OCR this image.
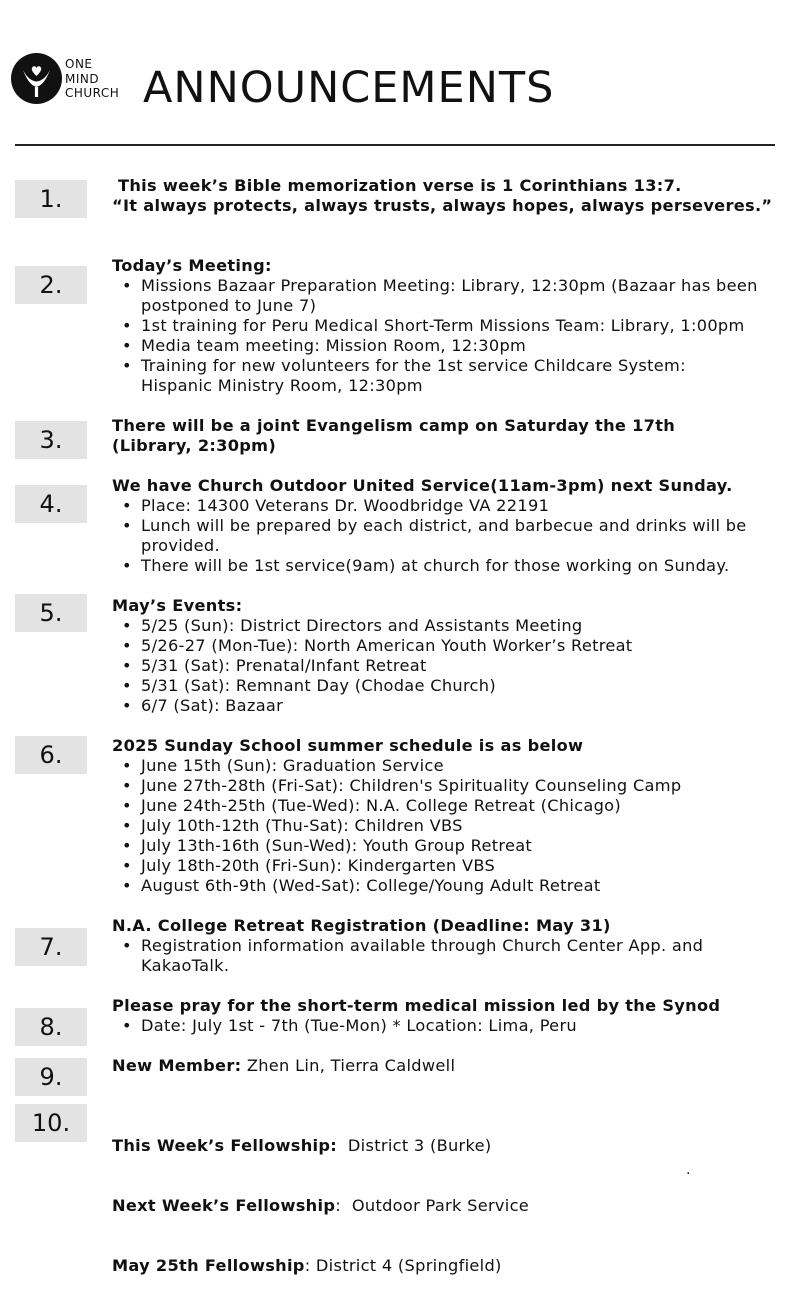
ONE
MIND
CHURCH ANNOUNCEMENTS
1.	This week’s Bible memorization verse is 1 Corinthians 13:7.
“It always protects, always trusts, always hopes, always perseveres.”
2.
Today’s Meeting:
• Missions Bazaar Preparation Meeting: Library, 12:30pm (Bazaar has been postponed to June 7)
• 1st training for Peru Medical Short-Term Missions Team: Library, 1:00pm
• Media team meeting: Mission Room, 12:30pm
• Training for new volunteers for the 1st service Childcare System: Hispanic Ministry Room, 12:30pm
3.
There will be a joint Evangelism camp on Saturday the 17th
(Library, 2:30pm)
4.
We have Church Outdoor United Service(11am-3pm) next Sunday.
• Place: 14300 Veterans Dr. Woodbridge VA 22191
• Lunch will be prepared by each district, and barbecue and drinks will be provided.
• There will be 1st service(9am) at church for those working on Sunday.
5.	May’s Events:
• 5/25 (Sun): District Directors and Assistants Meeting
• 5/26-27 (Mon-Tue): North American Youth Worker’s Retreat
• 5/31 (Sat): Prenatal/Infant Retreat
• 5/31 (Sat): Remnant Day (Chodae Church)
• 6/7 (Sat): Bazaar
6.	2025 Sunday School summer schedule is as below
• June 15th (Sun): Graduation Service
• June 27th-28th (Fri-Sat): Children's Spirituality Counseling Camp
• June 24th-25th (Tue-Wed): N.A. College Retreat (Chicago)
• July 10th-12th (Thu-Sat): Children VBS
• July 13th-16th (Sun-Wed): Youth Group Retreat
• July 18th-20th (Fri-Sun): Kindergarten VBS
• August 6th-9th (Wed-Sat): College/Young Adult Retreat
7.
N.A. College Retreat Registration (Deadline: May 31)
• Registration information available through Church Center App. and KakaoTalk.
8.
Please pray for the short-term medical mission led by the Synod
• Date: July 1st - 7th (Tue-Mon) * Location: Lima, Peru
9.	New Member: Zhen Lin, Tierra Caldwell
10.

This Week’s Fellowship:  District 3 (Burke)

Next Week’s Fellowship:  Outdoor Park Service

May 25th Fellowship: District 4 (Springfield)

.
